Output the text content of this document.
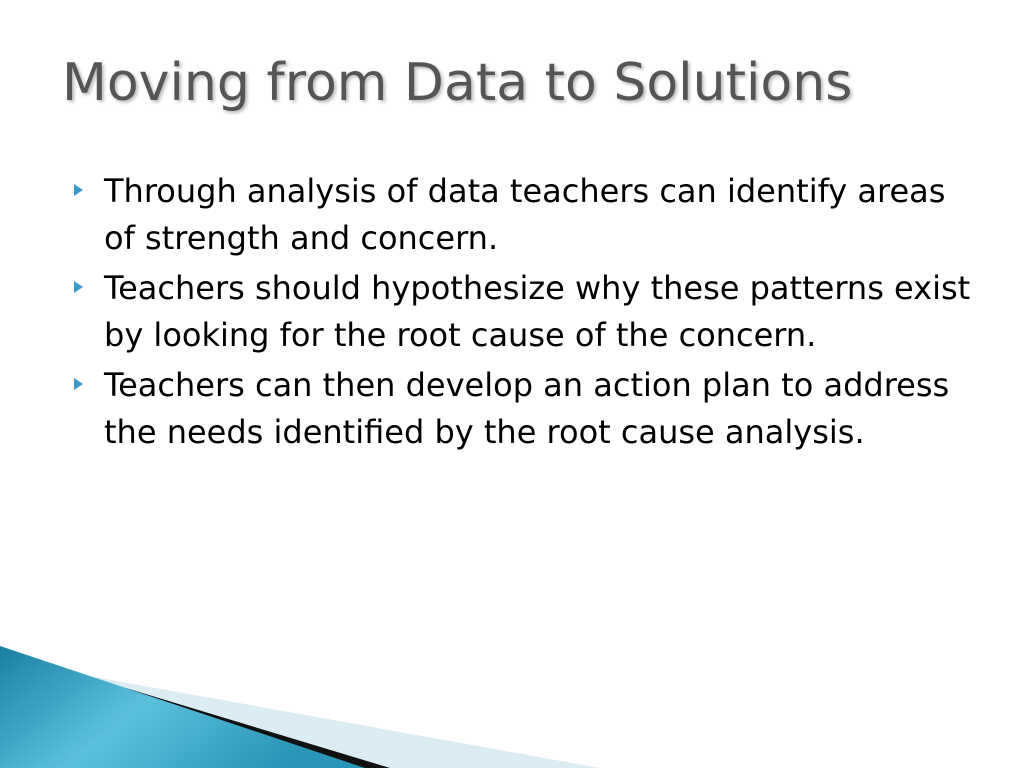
Moving from Data to Solutions
Through analysis of data teachers can identify areas of strength and concern.
Teachers should hypothesize why these patterns exist by looking for the root cause of the concern.
Teachers can then develop an action plan to address the needs identified by the root cause analysis.
